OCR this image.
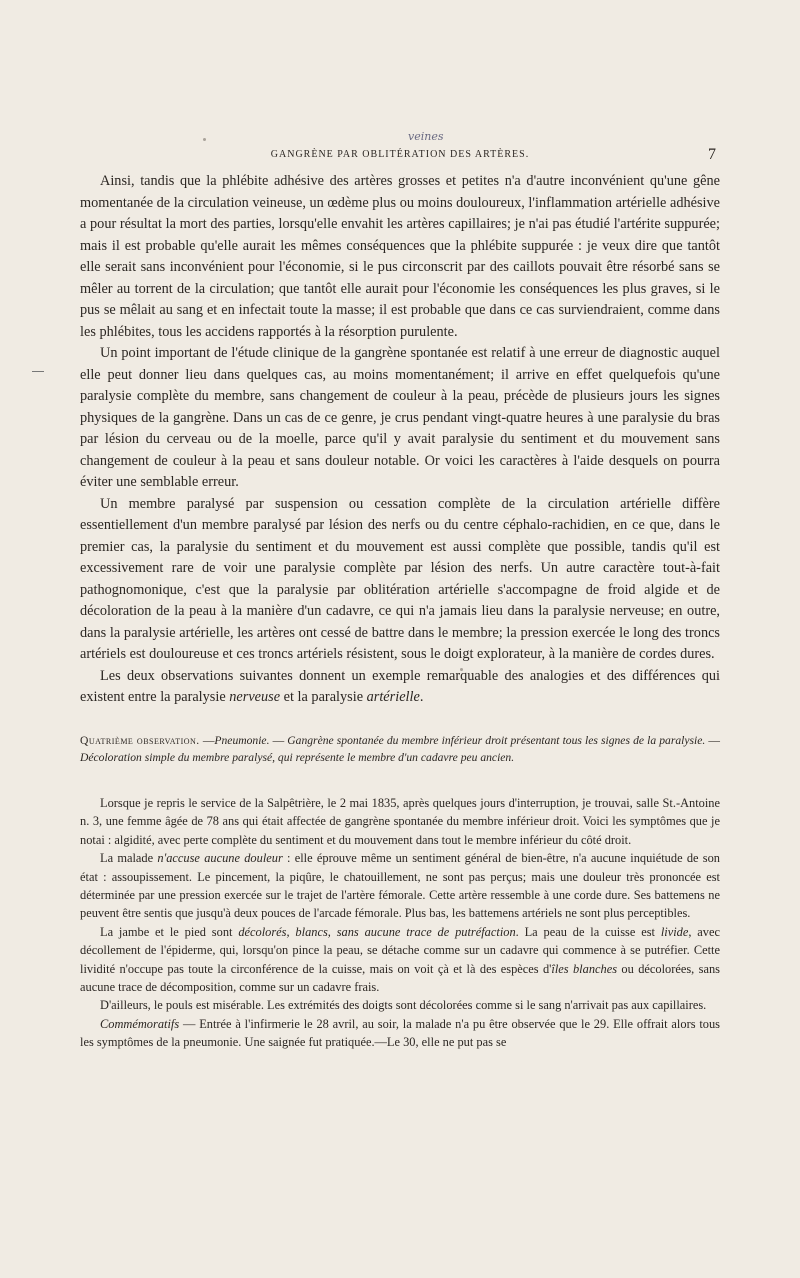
veines
GANGRÈNE PAR OBLITÉRATION DES ARTÈRES.	7

Ainsi, tandis que la phlébite adhésive des artères grosses et petites n'a d'autre inconvénient qu'une gêne momentanée de la circulation veineuse, un œdème plus ou moins douloureux, l'inflammation artérielle adhésive a pour résultat la mort des parties, lorsqu'elle envahit les artères capillaires; je n'ai pas étudié l'artérite suppurée; mais il est probable qu'elle aurait les mêmes conséquences que la phlébite suppurée : je veux dire que tantôt elle serait sans inconvénient pour l'économie, si le pus circonscrit par des caillots pouvait être résorbé sans se mêler au torrent de la circulation; que tantôt elle aurait pour l'économie les conséquences les plus graves, si le pus se mêlait au sang et en infectait toute la masse; il est probable que dans ce cas surviendraient, comme dans les phlébites, tous les accidens rapportés à la résorption purulente.

Un point important de l'étude clinique de la gangrène spontanée est relatif à une erreur de diagnostic auquel elle peut donner lieu dans quelques cas, au moins momentanément; il arrive en effet quelquefois qu'une paralysie complète du membre, sans changement de couleur à la peau, précède de plusieurs jours les signes physiques de la gangrène. Dans un cas de ce genre, je crus pendant vingt-quatre heures à une paralysie du bras par lésion du cerveau ou de la moelle, parce qu'il y avait paralysie du sentiment et du mouvement sans changement de couleur à la peau et sans douleur notable. Or voici les caractères à l'aide desquels on pourra éviter une semblable erreur.

Un membre paralysé par suspension ou cessation complète de la circulation artérielle diffère essentiellement d'un membre paralysé par lésion des nerfs ou du centre céphalo-rachidien, en ce que, dans le premier cas, la paralysie du sentiment et du mouvement est aussi complète que possible, tandis qu'il est excessivement rare de voir une paralysie complète par lésion des nerfs. Un autre caractère tout-à-fait pathognomonique, c'est que la paralysie par oblitération artérielle s'accompagne de froid algide et de décoloration de la peau à la manière d'un cadavre, ce qui n'a jamais lieu dans la paralysie nerveuse; en outre, dans la paralysie artérielle, les artères ont cessé de battre dans le membre; la pression exercée le long des troncs artériels est douloureuse et ces troncs artériels résistent, sous le doigt explorateur, à la manière de cordes dures.

Les deux observations suivantes donnent un exemple remarquable des analogies et des différences qui existent entre la paralysie nerveuse et la paralysie artérielle.

Quatrième observation. —Pneumonie. — Gangrène spontanée du membre inférieur droit présentant tous les signes de la paralysie. — Décoloration simple du membre paralysé, qui représente le membre d'un cadavre peu ancien.

Lorsque je repris le service de la Salpêtrière, le 2 mai 1835, après quelques jours d'interruption, je trouvai, salle St.-Antoine n. 3, une femme âgée de 78 ans qui était affectée de gangrène spontanée du membre inférieur droit. Voici les symptômes que je notai : algidité, avec perte complète du sentiment et du mouvement dans tout le membre inférieur du côté droit.

La malade n'accuse aucune douleur : elle éprouve même un sentiment général de bien-être, n'a aucune inquiétude de son état : assoupissement. Le pincement, la piqûre, le chatouillement, ne sont pas perçus; mais une douleur très prononcée est déterminée par une pression exercée sur le trajet de l'artère fémorale. Cette artère ressemble à une corde dure. Ses battemens ne peuvent être sentis que jusqu'à deux pouces de l'arcade fémorale. Plus bas, les battemens artériels ne sont plus perceptibles.

La jambe et le pied sont décolorés, blancs, sans aucune trace de putréfaction. La peau de la cuisse est livide, avec décollement de l'épiderme, qui, lorsqu'on pince la peau, se détache comme sur un cadavre qui commence à se putréfier. Cette lividité n'occupe pas toute la circonférence de la cuisse, mais on voit çà et là des espèces d'îles blanches ou décolorées, sans aucune trace de décomposition, comme sur un cadavre frais.

D'ailleurs, le pouls est misérable. Les extrémités des doigts sont décolorées comme si le sang n'arrivait pas aux capillaires.

Commémoratifs — Entrée à l'infirmerie le 28 avril, au soir, la malade n'a pu être observée que le 29. Elle offrait alors tous les symptômes de la pneumonie. Une saignée fut pratiquée.—Le 30, elle ne put pas se
